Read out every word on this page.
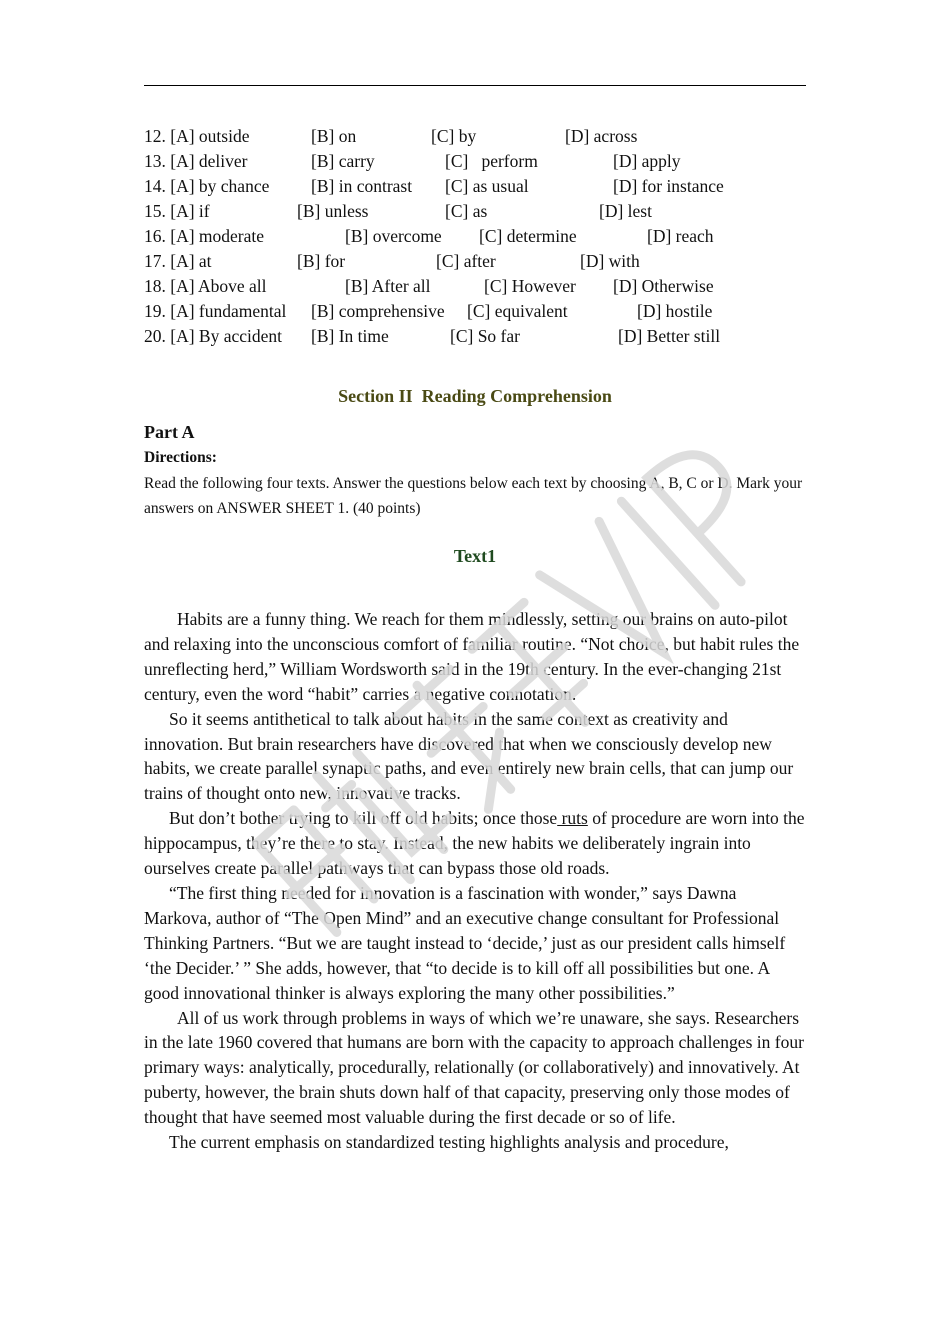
12. [A] outside	[B] on	[C] by	[D] across
13. [A] deliver	[B] carry	[C]   perform	[D] apply
14. [A] by chance [B] in contrast [C] as usual	[D] for instance
15. [A] if	[B] unless	[C] as	[D] lest
16. [A] moderate	[B] overcome [C] determine	[D] reach
17. [A] at	[B] for	[C] after	[D] with
18. [A] Above all	[B] After all	[C] However [D] Otherwise
19. [A] fundamental [B] comprehensive [C] equivalent	[D] hostile
20. [A] By accident [B] In time	[C] So far	[D] Better still
Section II  Reading Comprehension
Part A
Directions:
Read the following four texts. Answer the questions below each text by choosing A, B, C or D. Mark your answers on ANSWER SHEET 1. (40 points)
Text1

Habits are a funny thing. We reach for them mindlessly, setting our brains on auto-pilot and relaxing into the unconscious comfort of familiar routine. “Not choice, but habit rules the unreflecting herd,” William Wordsworth said in the 19th century. In the ever-changing 21st century, even the word “habit” carries a negative connotation.

So it seems antithetical to talk about habits in the same context as creativity and innovation. But brain researchers have discovered that when we consciously develop new habits, we create parallel synaptic paths, and even entirely new brain cells, that can jump our trains of thought onto new, innovative tracks.

But don’t bother trying to kill off old habits; once those ruts of procedure are worn into the hippocampus, they’re there to stay. Instead, the new habits we deliberately ingrain into ourselves create parallel pathways that can bypass those old roads.

“The first thing needed for innovation is a fascination with wonder,” says Dawna Markova, author of “The Open Mind” and an executive change consultant for Professional Thinking Partners. “But we are taught instead to ‘decide,’ just as our president calls himself ‘the Decider.’ ” She adds, however, that “to decide is to kill off all possibilities but one. A good innovational thinker is always exploring the many other possibilities.”

All of us work through problems in ways of which we’re unaware, she says. Researchers in the late 1960 covered that humans are born with the capacity to approach challenges in four primary ways: analytically, procedurally, relationally (or collaboratively) and innovatively. At puberty, however, the brain shuts down half of that capacity, preserving only those modes of thought that have seemed most valuable during the first decade or so of life.

The current emphasis on standardized testing highlights analysis and procedure,
